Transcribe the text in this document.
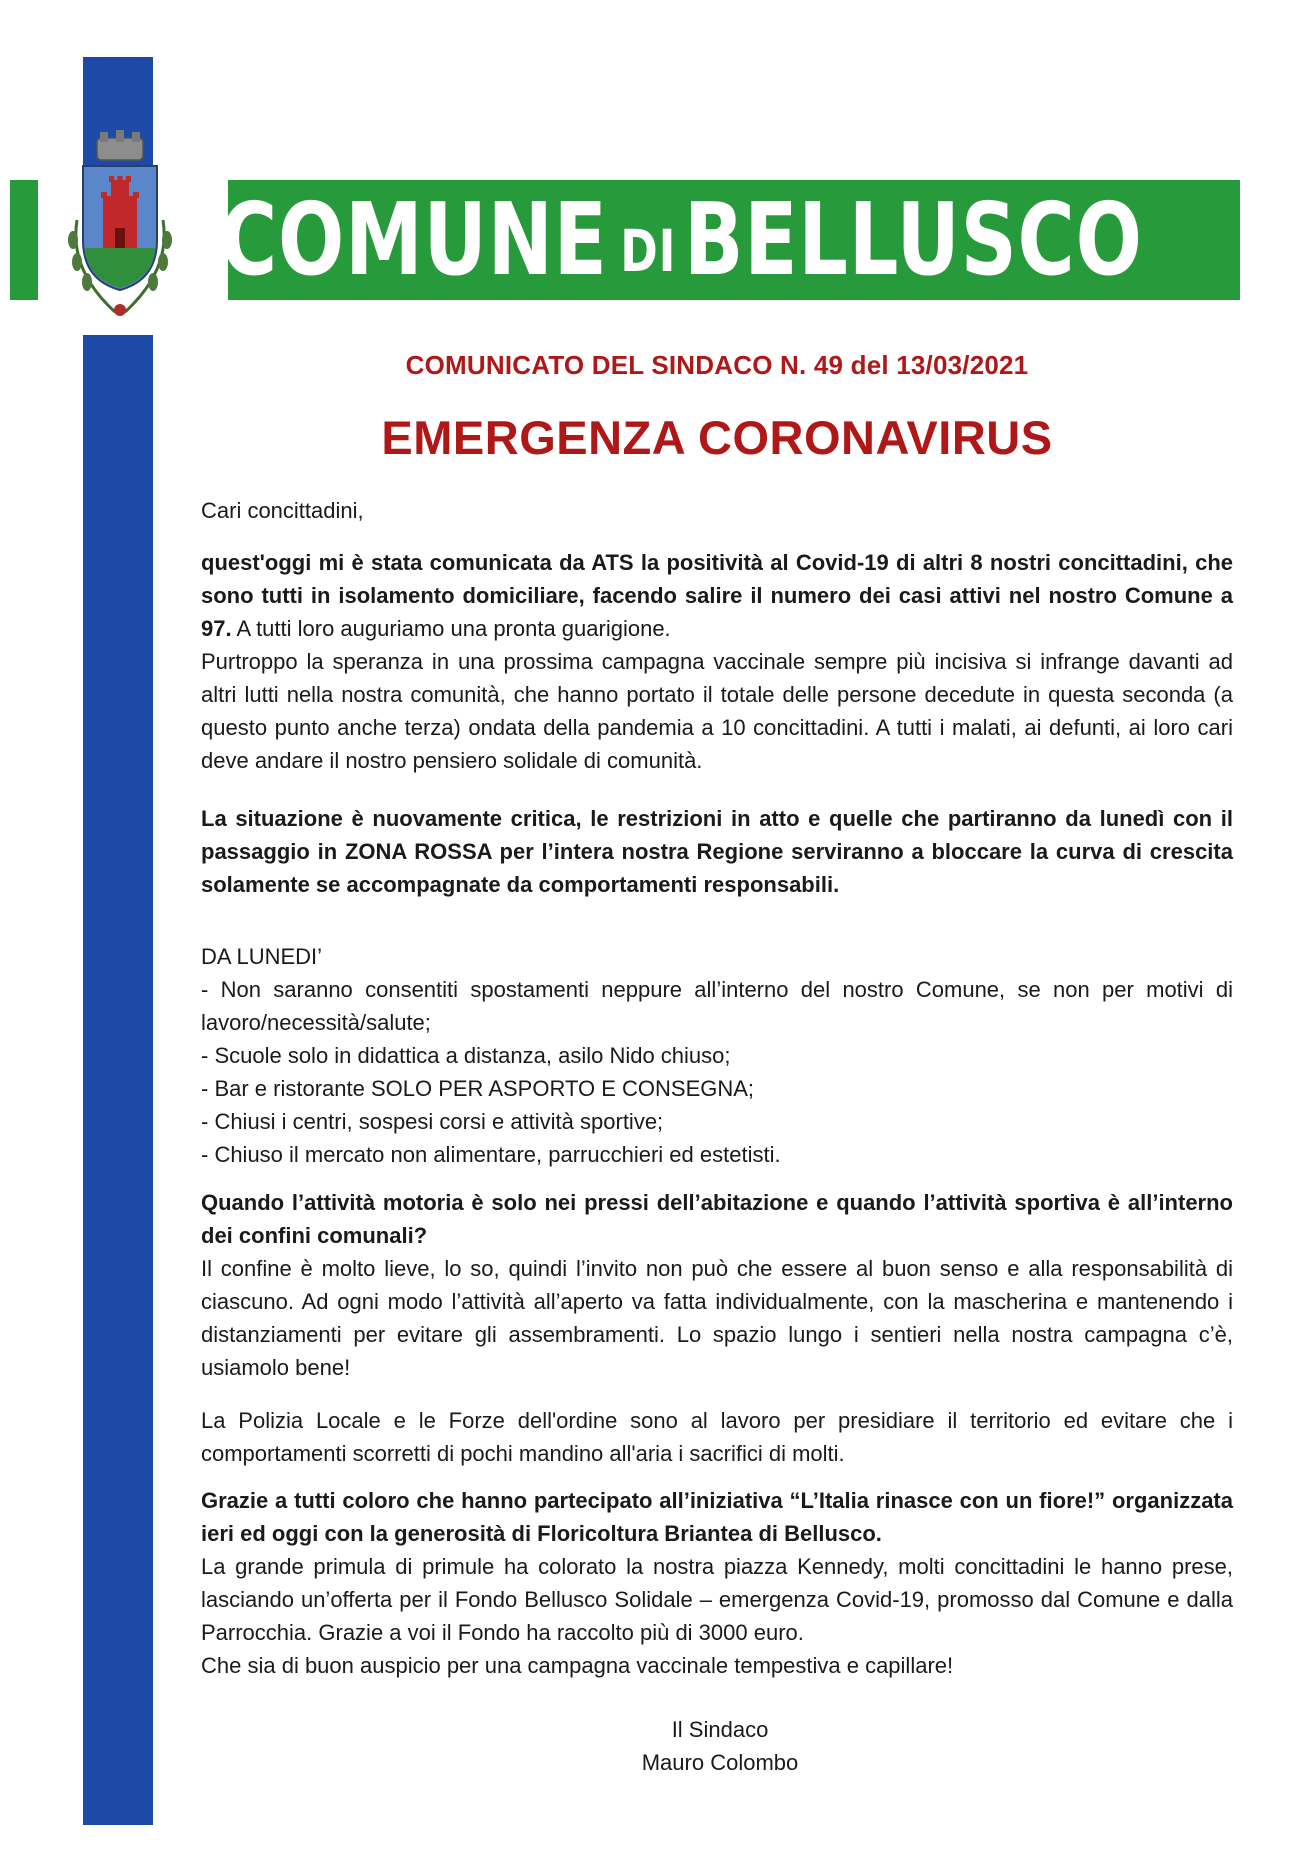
COMUNE DI BELLUSCO
COMUNICATO DEL SINDACO N. 49 del 13/03/2021
EMERGENZA CORONAVIRUS
Cari concittadini,

quest'oggi mi è stata comunicata da ATS la positività al Covid-19 di altri 8 nostri concittadini, che sono tutti in isolamento domiciliare, facendo salire il numero dei casi attivi nel nostro Comune a 97. A tutti loro auguriamo una pronta guarigione.

Purtroppo la speranza in una prossima campagna vaccinale sempre più incisiva si infrange davanti ad altri lutti nella nostra comunità, che hanno portato il totale delle persone decedute in questa seconda (a questo punto anche terza) ondata della pandemia a 10 concittadini. A tutti i malati, ai defunti, ai loro cari deve andare il nostro pensiero solidale di comunità.

La situazione è nuovamente critica, le restrizioni in atto e quelle che partiranno da lunedì con il passaggio in ZONA ROSSA per l’intera nostra Regione serviranno a bloccare la curva di crescita solamente se accompagnate da comportamenti responsabili.
DA LUNEDI’
- Non saranno consentiti spostamenti neppure all’interno del nostro Comune, se non per motivi di lavoro/necessità/salute;
- Scuole solo in didattica a distanza, asilo Nido chiuso;
- Bar e ristorante SOLO PER ASPORTO E CONSEGNA;
- Chiusi i centri, sospesi corsi e attività sportive;
- Chiuso il mercato non alimentare, parrucchieri ed estetisti.

Quando l’attività motoria è solo nei pressi dell’abitazione e quando l’attività sportiva è all’interno dei confini comunali?

Il confine è molto lieve, lo so, quindi l’invito non può che essere al buon senso e alla responsabilità di ciascuno. Ad ogni modo l’attività all’aperto va fatta individualmente, con la mascherina e mantenendo i distanziamenti per evitare gli assembramenti. Lo spazio lungo i sentieri nella nostra campagna c’è, usiamolo bene!

La Polizia Locale e le Forze dell'ordine sono al lavoro per presidiare il territorio ed evitare che i comportamenti scorretti di pochi mandino all'aria i sacrifici di molti.

Grazie a tutti coloro che hanno partecipato all’iniziativa “L’Italia rinasce con un fiore!” organizzata ieri ed oggi con la generosità di Floricoltura Briantea di Bellusco.

La grande primula di primule ha colorato la nostra piazza Kennedy, molti concittadini le hanno prese, lasciando un’offerta per il Fondo Bellusco Solidale – emergenza Covid-19, promosso dal Comune e dalla Parrocchia. Grazie a voi il Fondo ha raccolto più di 3000 euro.

Che sia di buon auspicio per una campagna vaccinale tempestiva e capillare!

Il Sindaco
Mauro Colombo
